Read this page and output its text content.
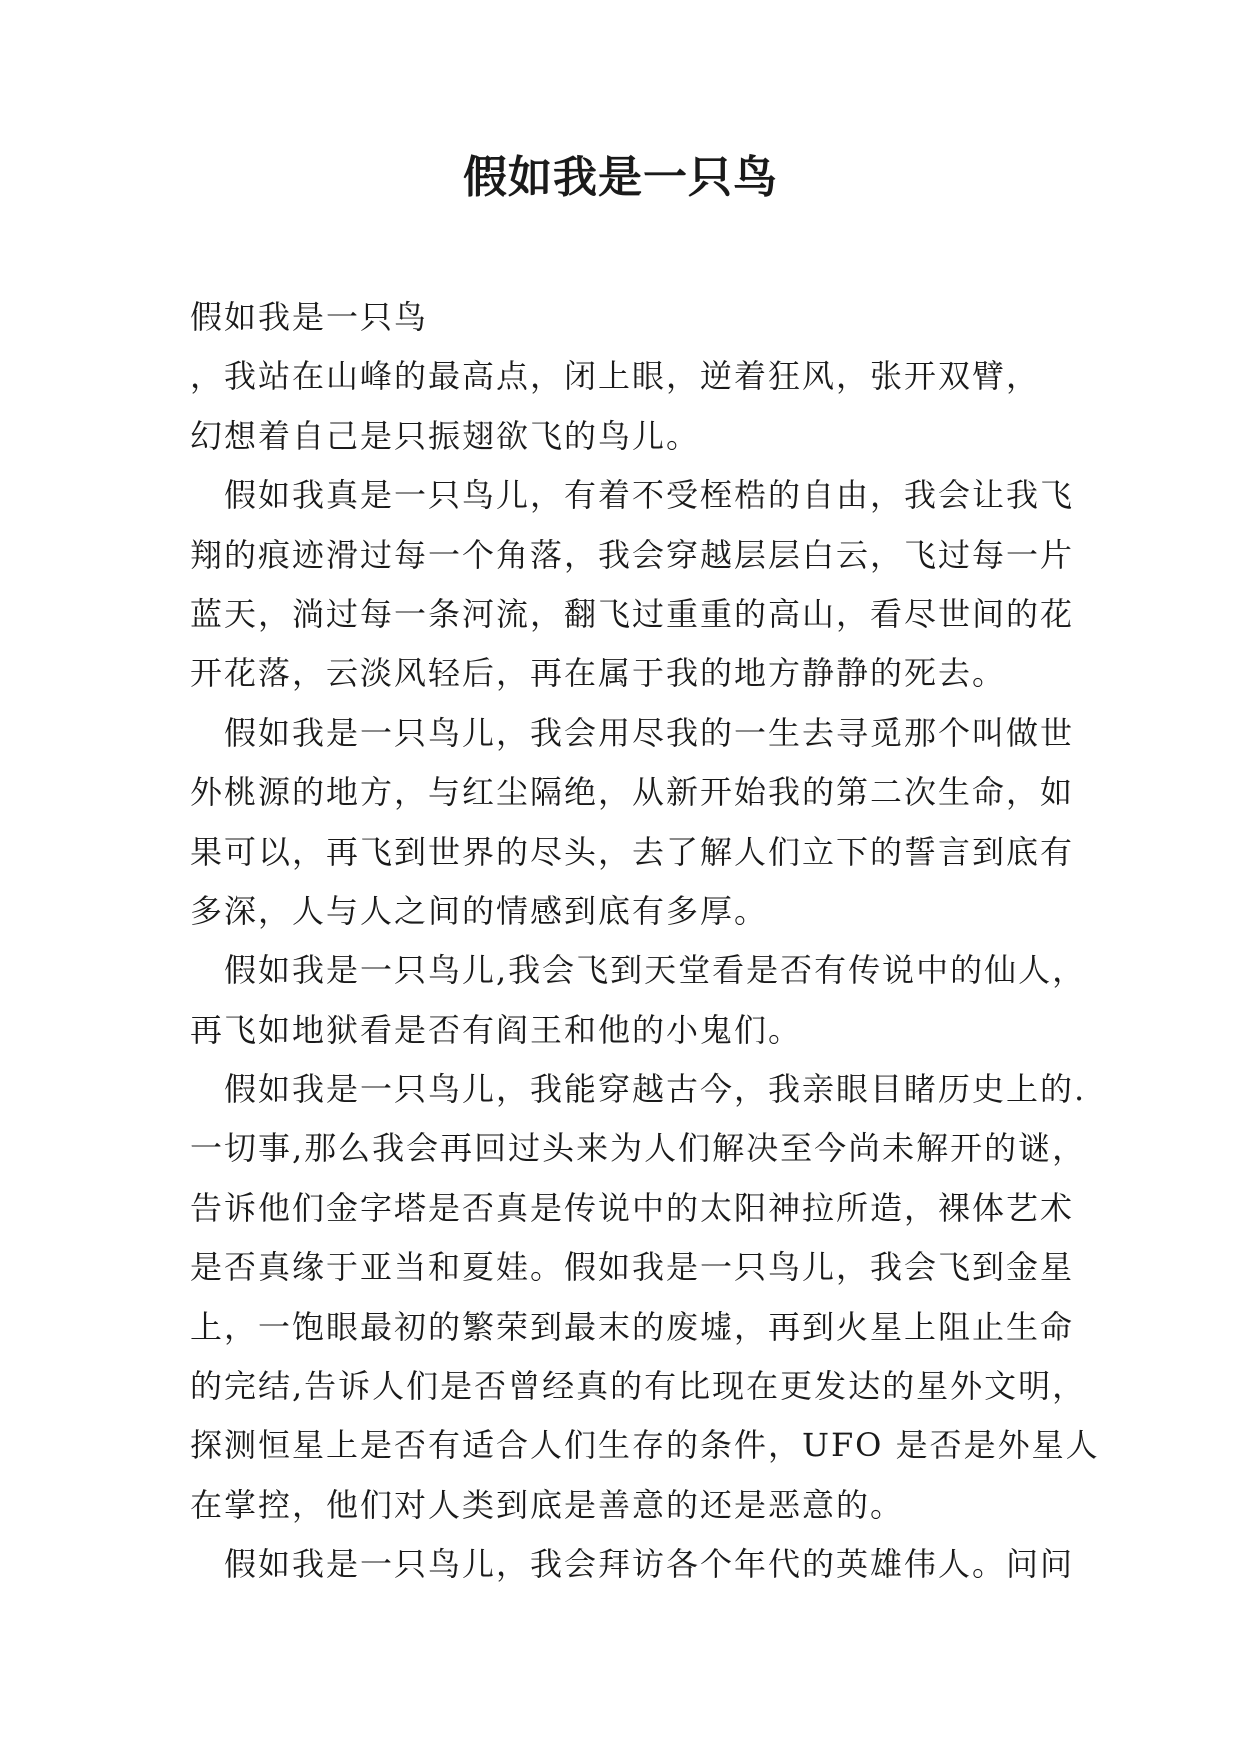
假如我是一只鸟
假如我是一只鸟
，我站在山峰的最高点，闭上眼，逆着狂风，张开双臂，
幻想着自己是只振翅欲飞的鸟儿。
假如我真是一只鸟儿，有着不受桎梏的自由，我会让我飞
翔的痕迹滑过每一个角落，我会穿越层层白云，飞过每一片
蓝天，淌过每一条河流，翻飞过重重的高山，看尽世间的花
开花落，云淡风轻后，再在属于我的地方静静的死去。
假如我是一只鸟儿，我会用尽我的一生去寻觅那个叫做世
外桃源的地方，与红尘隔绝，从新开始我的第二次生命，如
果可以，再飞到世界的尽头，去了解人们立下的誓言到底有
多深，人与人之间的情感到底有多厚。
假如我是一只鸟儿,我会飞到天堂看是否有传说中的仙人，
再飞如地狱看是否有阎王和他的小鬼们。
假如我是一只鸟儿，我能穿越古今，我亲眼目睹历史上的.
一切事,那么我会再回过头来为人们解决至今尚未解开的谜，
告诉他们金字塔是否真是传说中的太阳神拉所造，裸体艺术
是否真缘于亚当和夏娃。假如我是一只鸟儿，我会飞到金星
上，一饱眼最初的繁荣到最末的废墟，再到火星上阻止生命
的完结,告诉人们是否曾经真的有比现在更发达的星外文明，
探测恒星上是否有适合人们生存的条件，UFO 是否是外星人
在掌控，他们对人类到底是善意的还是恶意的。
假如我是一只鸟儿，我会拜访各个年代的英雄伟人。问问
